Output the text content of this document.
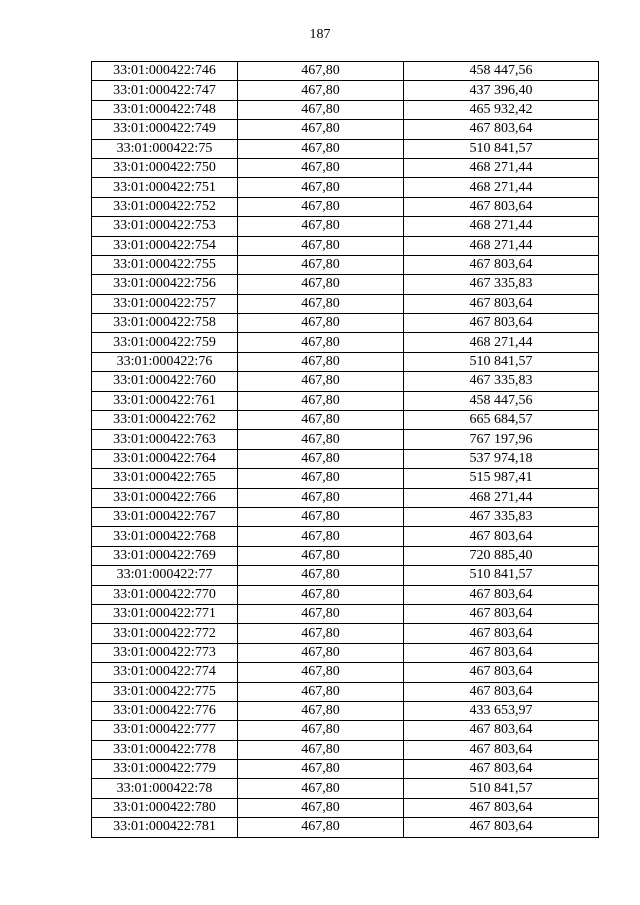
187
33:01:000422:746	467,80	458 447,56
33:01:000422:747	467,80	437 396,40
33:01:000422:748	467,80	465 932,42
33:01:000422:749	467,80	467 803,64
33:01:000422:75	467,80	510 841,57
33:01:000422:750	467,80	468 271,44
33:01:000422:751	467,80	468 271,44
33:01:000422:752	467,80	467 803,64
33:01:000422:753	467,80	468 271,44
33:01:000422:754	467,80	468 271,44
33:01:000422:755	467,80	467 803,64
33:01:000422:756	467,80	467 335,83
33:01:000422:757	467,80	467 803,64
33:01:000422:758	467,80	467 803,64
33:01:000422:759	467,80	468 271,44
33:01:000422:76	467,80	510 841,57
33:01:000422:760	467,80	467 335,83
33:01:000422:761	467,80	458 447,56
33:01:000422:762	467,80	665 684,57
33:01:000422:763	467,80	767 197,96
33:01:000422:764	467,80	537 974,18
33:01:000422:765	467,80	515 987,41
33:01:000422:766	467,80	468 271,44
33:01:000422:767	467,80	467 335,83
33:01:000422:768	467,80	467 803,64
33:01:000422:769	467,80	720 885,40
33:01:000422:77	467,80	510 841,57
33:01:000422:770	467,80	467 803,64
33:01:000422:771	467,80	467 803,64
33:01:000422:772	467,80	467 803,64
33:01:000422:773	467,80	467 803,64
33:01:000422:774	467,80	467 803,64
33:01:000422:775	467,80	467 803,64
33:01:000422:776	467,80	433 653,97
33:01:000422:777	467,80	467 803,64
33:01:000422:778	467,80	467 803,64
33:01:000422:779	467,80	467 803,64
33:01:000422:78	467,80	510 841,57
33:01:000422:780	467,80	467 803,64
33:01:000422:781	467,80	467 803,64
